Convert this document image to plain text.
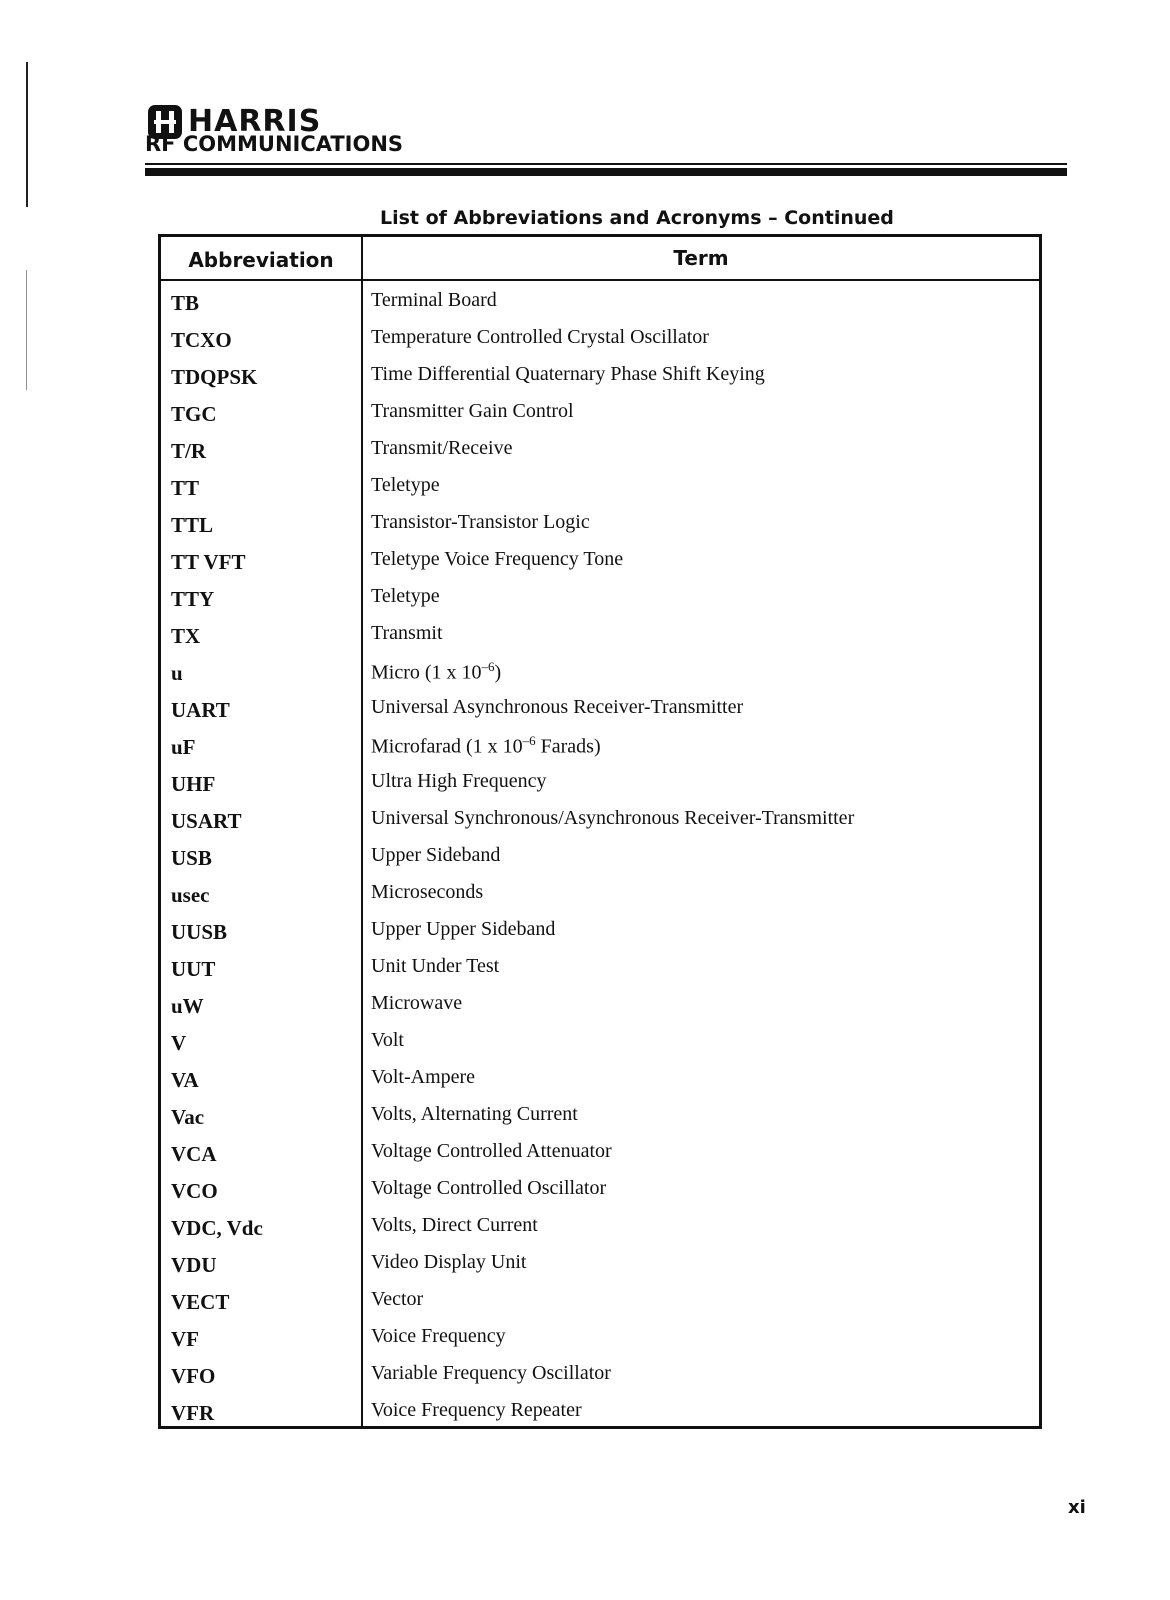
HARRIS
RF COMMUNICATIONS
List of Abbreviations and Acronyms – Continued
Abbreviation	Term
TB	Terminal Board
TCXO	Temperature Controlled Crystal Oscillator
TDQPSK	Time Differential Quaternary Phase Shift Keying
TGC	Transmitter Gain Control
T/R	Transmit/Receive
TT	Teletype
TTL	Transistor-Transistor Logic
TT VFT	Teletype Voice Frequency Tone
TTY	Teletype
TX	Transmit
u	Micro (1 x $10^{-6}$)
UART	Universal Asynchronous Receiver-Transmitter
uF	Microfarad (1 x $10^{-6}$ Farads)
UHF	Ultra High Frequency
USART	Universal Synchronous/Asynchronous Receiver-Transmitter
USB	Upper Sideband
usec	Microseconds
UUSB	Upper Upper Sideband
UUT	Unit Under Test
uW	Microwave
V	Volt
VA	Volt-Ampere
Vac	Volts, Alternating Current
VCA	Voltage Controlled Attenuator
VCO	Voltage Controlled Oscillator
VDC, Vdc	Volts, Direct Current
VDU	Video Display Unit
VECT	Vector
VF	Voice Frequency
VFO	Variable Frequency Oscillator
VFR	Voice Frequency Repeater
xi
